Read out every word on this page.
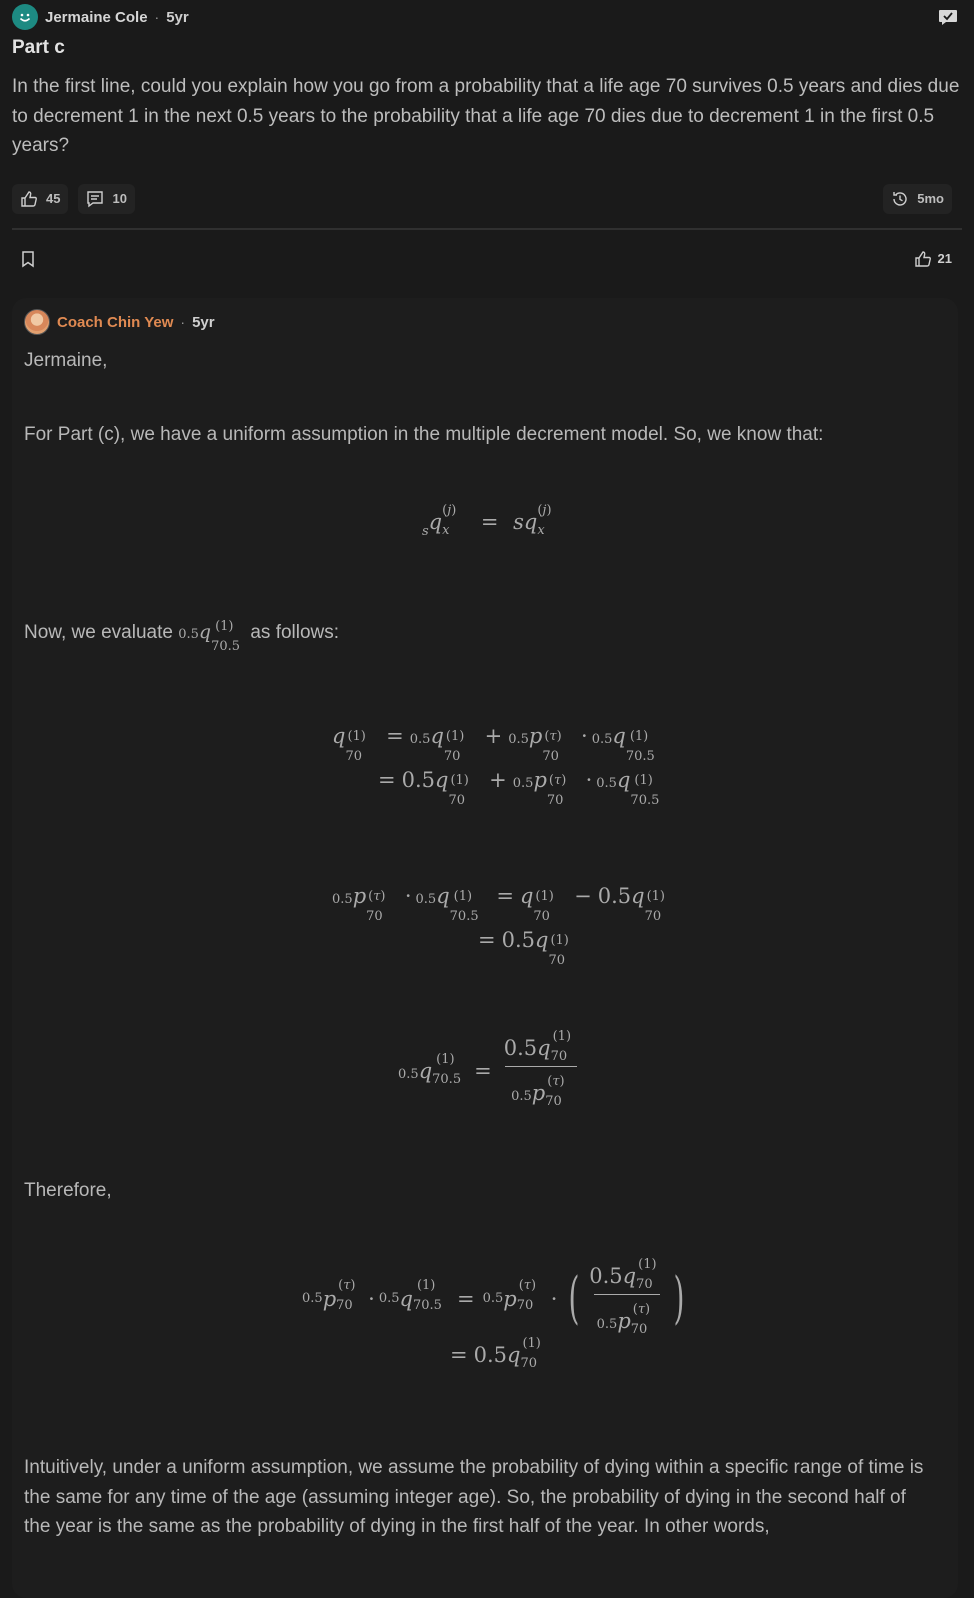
Jermaine Cole · 5yr
Part c
In the first line, could you explain how you go from a probability that a life age 70 survives 0.5 years and dies due to decrement 1 in the next 0.5 years to the probability that a life age 70 dies due to decrement 1 in the first 0.5 years?
45	10	5mo
21
Coach Chin Yew · 5yr
Jermaine,
For Part (c), we have a uniform assumption in the multiple decrement model. So, we know that:
$_s$q (j)
x = sq (j)
x
Now, we evaluate 0.5q (1)
70.5
as follows:
q (1)
70
= 0.5q (1)
70
+ 0.5p (τ)
70
· 0.5q (1)
70.5
= 0.5q (1)
70
+ 0.5p (τ)
70
· 0.5q (1)
70.5
0.5p (τ)
70
· 0.5q (1)
70.5
= q (1)
70
− 0.5q (1)
70
= 0.5q (1)
70
0.5q (1)
70.5 =
0.5q (1)
70
0.5p (τ)
70
Therefore,
0.5 p
(τ)
70 · 0.5 q
(1)
70.5 = 0.5 p
(τ)
70 · ( 0.5q (1)
70
0.5p (τ)
70 )
= 0.5q (1)
70
Intuitively, under a uniform assumption, we assume the probability of dying within a specific range of time is the same for any time of the age (assuming integer age). So, the probability of dying in the second half of the year is the same as the probability of dying in the first half of the year. In other words,
